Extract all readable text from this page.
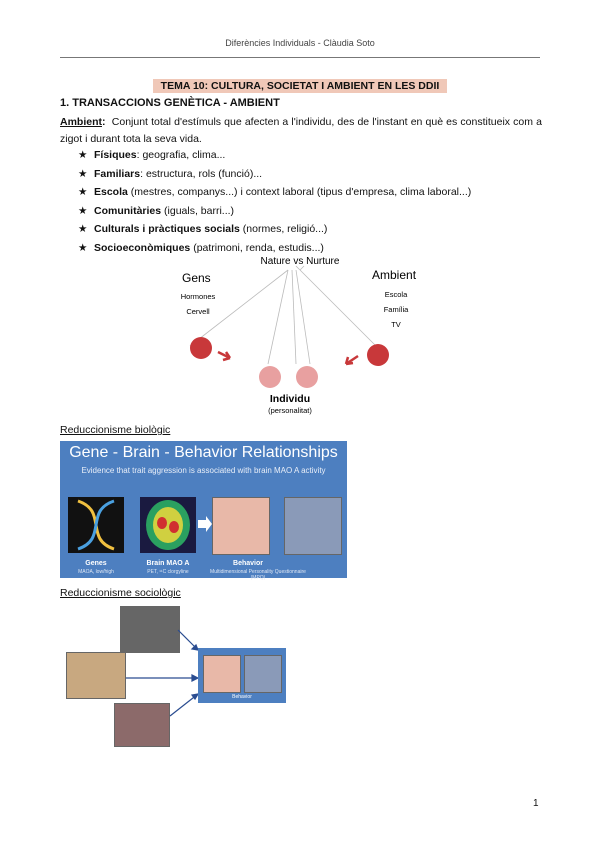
Diferències Individuals - Clàudia Soto
TEMA 10: CULTURA, SOCIETAT I AMBIENT EN LES DDII
1. TRANSACCIONS GENÈTICA - AMBIENT
Ambient: Conjunt total d'estímuls que afecten a l'individu, des de l'instant en què es constitueix com a zigot i durant tota la seva vida.
★ Físiques: geografia, clima...
★ Familiars: estructura, rols (funció)...
★ Escola (mestres, companys...) i context laboral (tipus d'empresa, clima laboral...)
★ Comunitàries (iguals, barri...)
★ Culturals i pràctiques socials (normes, religió...)
★ Socioeconòmiques (patrimoni, renda, estudis...)
Nature vs Nurture
Gens
Hormones
Cervell
Ambient
Escola
Família
TV
Individu
(personalitat)
Reduccionisme biològic
Gene - Brain - Behavior Relationships
Evidence that trait aggression is associated with brain MAO A activity
Genes	Brain MAO A	Behavior
MAOA, low/high	PET, ¹¹C clorgyline	Multidimensional Personality Questionnaire (MPQ)
Reduccionisme sociològic
Behavior
1
